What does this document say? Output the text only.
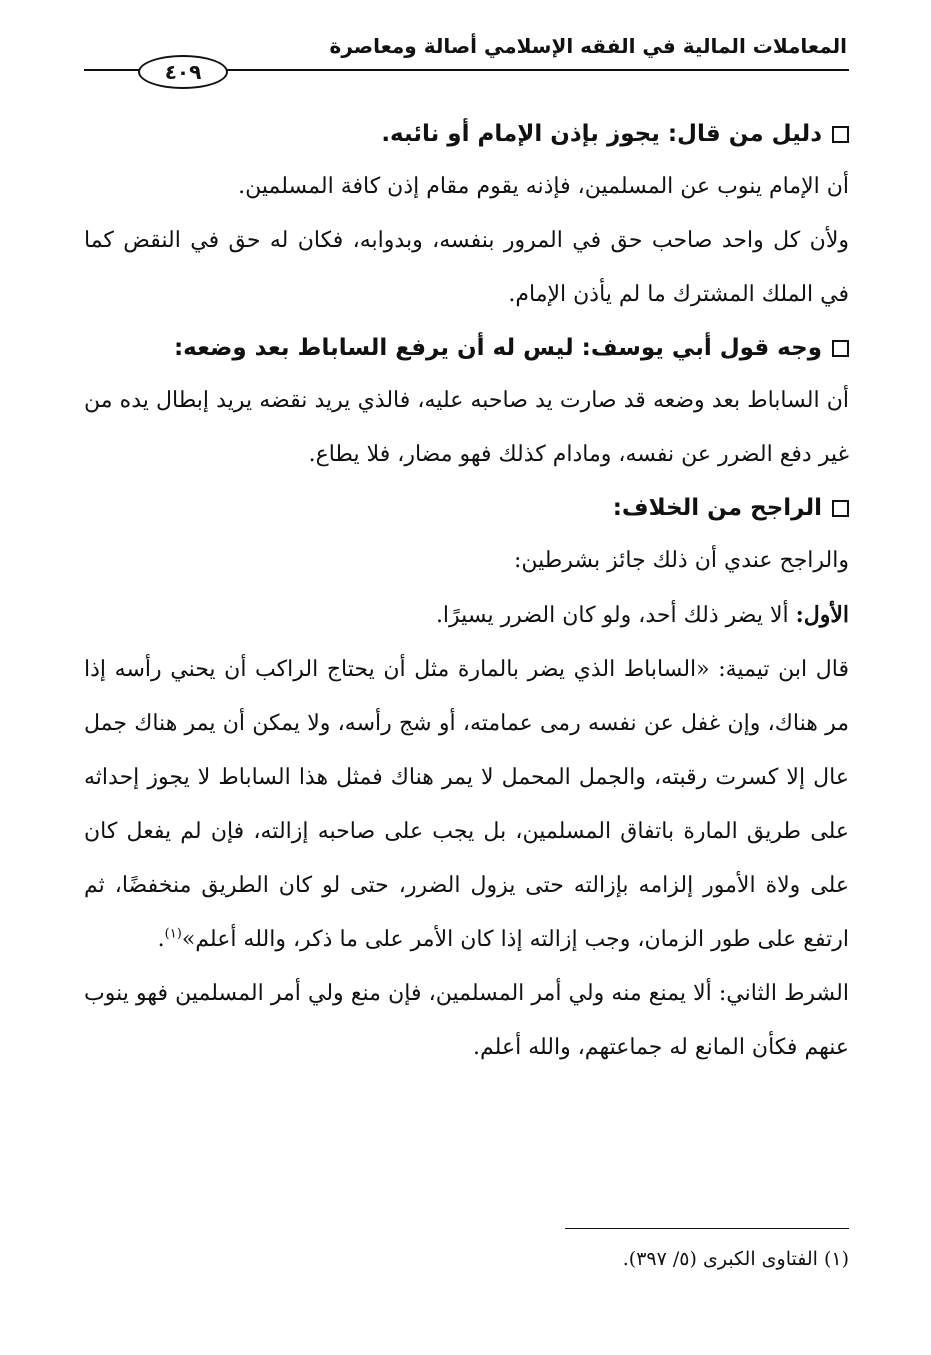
المعاملات المالية في الفقه الإسلامي أصالة ومعاصرة
٤٠٩
دليل من قال: يجوز بإذن الإمام أو نائبه.

أن الإمام ينوب عن المسلمين، فإذنه يقوم مقام إذن كافة المسلمين.

ولأن كل واحد صاحب حق في المرور بنفسه، وبدوابه، فكان له حق في النقض كما في الملك المشترك ما لم يأذن الإمام.

وجه قول أبي يوسف: ليس له أن يرفع الساباط بعد وضعه:

أن الساباط بعد وضعه قد صارت يد صاحبه عليه، فالذي يريد نقضه يريد إبطال يده من غير دفع الضرر عن نفسه، ومادام كذلك فهو مضار، فلا يطاع.

الراجح من الخلاف:

والراجح عندي أن ذلك جائز بشرطين:

الأول: ألا يضر ذلك أحد، ولو كان الضرر يسيرًا.

قال ابن تيمية: «الساباط الذي يضر بالمارة مثل أن يحتاج الراكب أن يحني رأسه إذا مر هناك، وإن غفل عن نفسه رمى عمامته، أو شج رأسه، ولا يمكن أن يمر هناك جمل عال إلا كسرت رقبته، والجمل المحمل لا يمر هناك فمثل هذا الساباط لا يجوز إحداثه على طريق المارة باتفاق المسلمين، بل يجب على صاحبه إزالته، فإن لم يفعل كان على ولاة الأمور إلزامه بإزالته حتى يزول الضرر، حتى لو كان الطريق منخفضًا، ثم ارتفع على طور الزمان، وجب إزالته إذا كان الأمر على ما ذكر، والله أعلم»$^{(١)}$.

الشرط الثاني: ألا يمنع منه ولي أمر المسلمين، فإن منع ولي أمر المسلمين فهو ينوب عنهم فكأن المانع له جماعتهم، والله أعلم.

(١) الفتاوى الكبرى (٥/ ٣٩٧).
